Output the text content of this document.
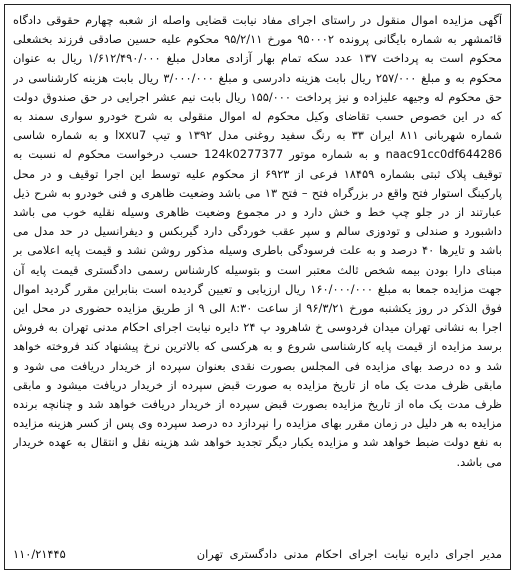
آگهی مزایده اموال منقول در راستای اجرای مفاد نیابت قضایی واصله از شعبه چهارم حقوقی دادگاه قائمشهر به شماره بایگانی پرونده ۹۵۰۰۰۲ مورخ ۹۵/۲/۱۱ محکوم علیه حسین صادقی فرزند بخشعلی محکوم است به پرداخت ۱۳۷ عدد سکه تمام بهار آزادی معادل مبلغ ۱/۶۱۲/۴۹۰/۰۰۰ ریال به عنوان محکوم به و مبلغ ۲۵۷/۰۰۰ ریال بابت هزینه دادرسی و مبلغ ۳/۰۰۰/۰۰۰ ریال بابت هزینه کارشناسی در حق محکوم له وجیهه علیزاده و نیز پرداخت ۱۵۵/۰۰۰ ریال بابت نیم عشر اجرایی در حق صندوق دولت که در این خصوص حسب تقاضای وکیل محکوم له اموال منقولی به شرح خودرو سواری سمند به شماره شهربانی ۸۱۱ ایران ۳۳ به رنگ سفید روغنی مدل ۱۳۹۲ و تیپ lxxu7 و به شماره شاسی naac91cc0df644286 و به شماره موتور 124k0277377 حسب درخواست محکوم له نسبت به توقیف پلاک ثبتی بشماره ۱۸۴۵۹ فرعی از ۶۹۲۳ از محکوم علیه توسط این اجرا توقیف و در محل پارکینگ استوار فتح واقع در بزرگراه فتح – فتح ۱۳ می باشد وضعیت ظاهری و فنی خودرو به شرح ذیل عبارتند از در جلو چپ خط و خش دارد و در مجموع وضعیت ظاهری وسیله نقلیه خوب می باشد داشبورد و صندلی و تودوزی سالم و سپر عقب خوردگی دارد گیربکس و دیفرانسیل در حد مدل می باشد و تایرها ۴۰ درصد و به علت فرسودگی باطری وسیله مذکور روشن نشد و قیمت پایه اعلامی بر مبنای دارا بودن بیمه شخص ثالث معتبر است و بتوسیله کارشناس رسمی دادگستری قیمت پایه آن جهت مزایده جمعا به مبلغ ۱۶۰/۰۰۰/۰۰۰ ریال ارزیابی و تعیین گردیده است بنابراین مقرر گردید اموال فوق الذکر در روز یکشنبه مورخ ۹۶/۳/۲۱ از ساعت ۸:۳۰ الی ۹ از طریق مزایده حضوری در محل این اجرا به نشانی تهران میدان فردوسی خ شاهرود پ ۲۴ دایره نیابت اجرای احکام مدنی تهران به فروش برسد مزایده از قیمت پایه کارشناسی شروع و به هرکسی که بالاترین نرخ پیشنهاد کند فروخته خواهد شد و ده درصد بهای مزایده فی المجلس بصورت نقدی بعنوان سپرده از خریدار دریافت می شود و مابقی ظرف مدت یک ماه از تاریخ مزایده به صورت قبض سپرده از خریدار دریافت میشود و مابقی ظرف مدت یک ماه از تاریخ مزایده بصورت قبض سپرده از خریدار دریافت خواهد شد و چنانچه برنده مزایده به هر دلیل در زمان مقرر بهای مزایده را نپردازد ده درصد سپرده وی پس از کسر هزینه مزایده به نفع دولت ضبط خواهد شد و مزایده یکبار دیگر تجدید خواهد شد هزینه نقل و انتقال به عهده خریدار می باشد.

مدیر اجرای دایره نیابت اجرای احکام مدنی دادگستری تهران
۱۱۰/۲۱۴۴۵
